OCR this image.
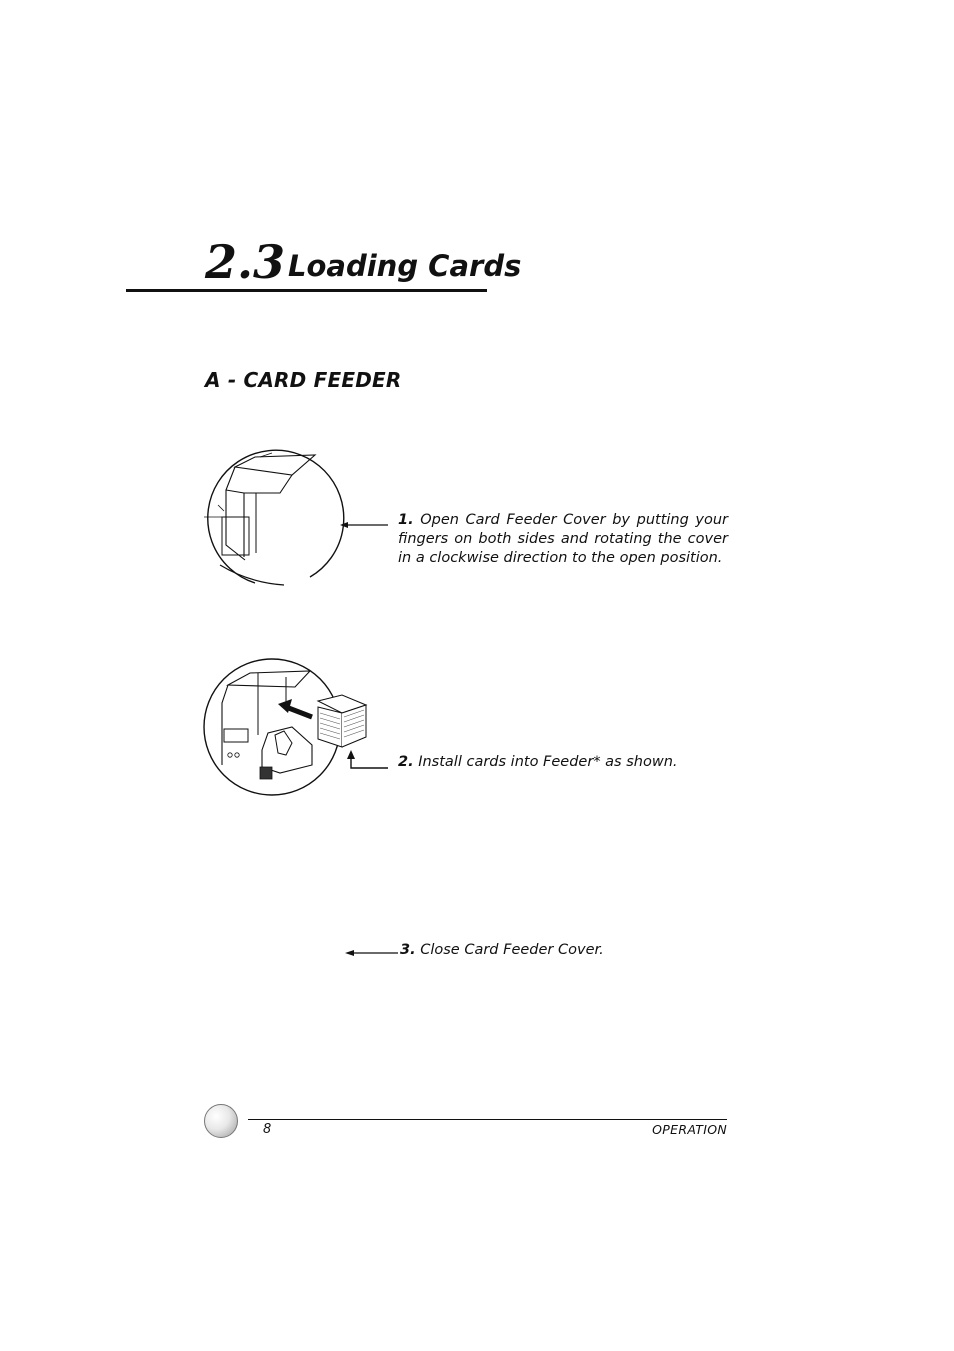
2.3 Loading Cards
A - CARD FEEDER
1. Open Card Feeder Cover by putting your fingers on both sides and rotating the cover in a clockwise direction to the open position.
2. Install cards into Feeder* as shown.
3. Close Card Feeder Cover.
8	OPERATION
